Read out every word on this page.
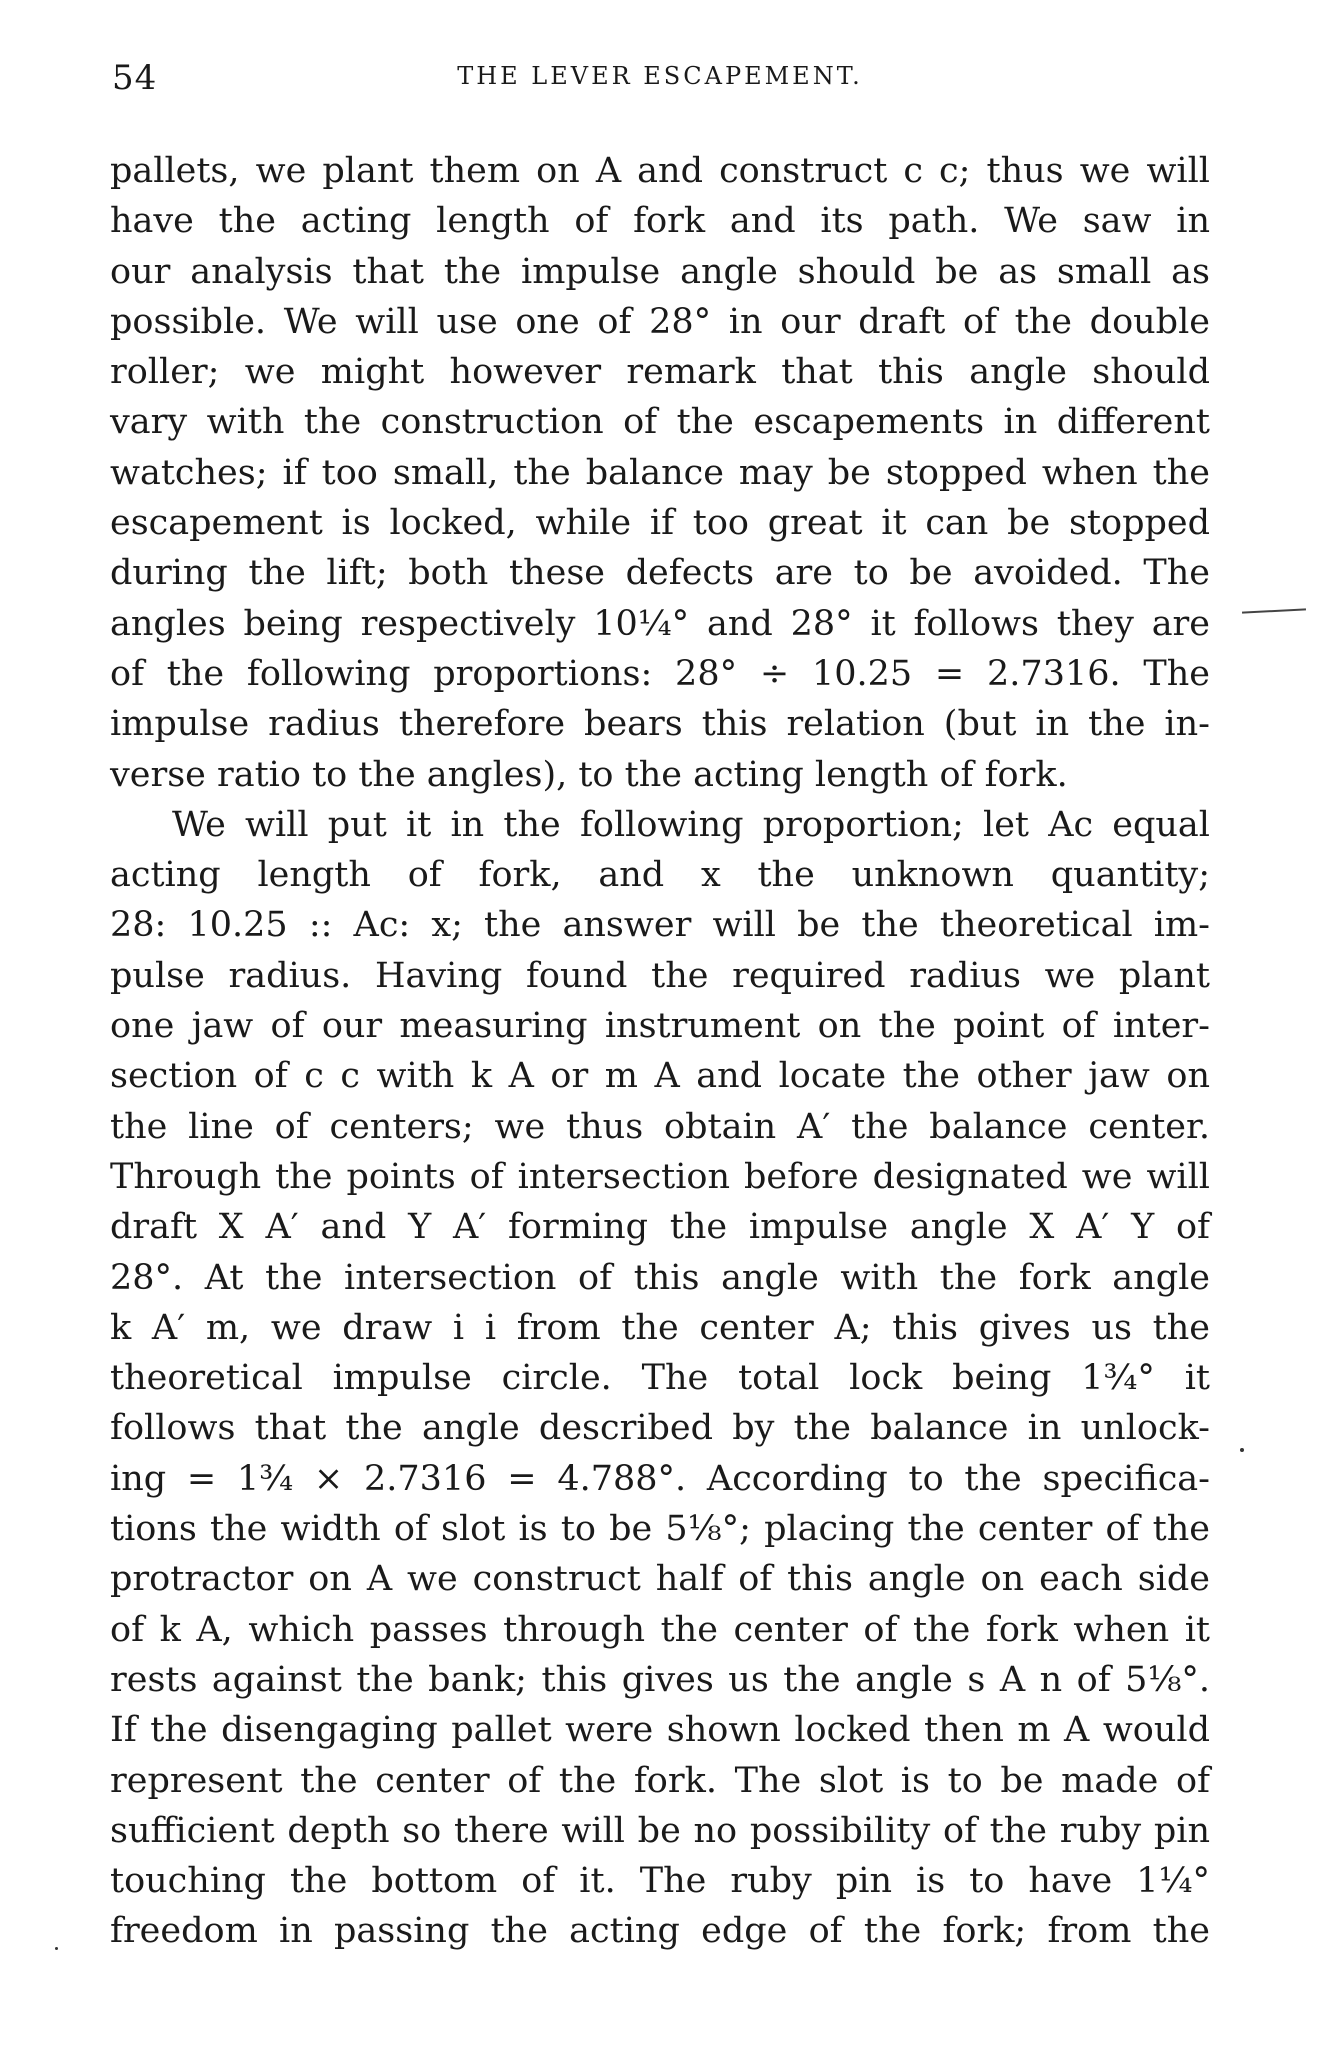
54	THE LEVER ESCAPEMENT.
pallets, we plant them on A and construct c c; thus we will
have the acting length of fork and its path. We saw in
our analysis that the impulse angle should be as small as
possible. We will use one of 28° in our draft of the double
roller; we might however remark that this angle should
vary with the construction of the escapements in different
watches; if too small, the balance may be stopped when the
escapement is locked, while if too great it can be stopped
during the lift; both these defects are to be avoided. The
angles being respectively 10¼° and 28° it follows they are
of the following proportions: 28° ÷ 10.25 = 2.7316. The
impulse radius therefore bears this relation (but in the in-
verse ratio to the angles), to the acting length of fork.
We will put it in the following proportion; let Ac equal
acting length of fork, and x the unknown quantity;
28: 10.25 :: Ac: x; the answer will be the theoretical im-
pulse radius. Having found the required radius we plant
one jaw of our measuring instrument on the point of inter-
section of c c with k A or m A and locate the other jaw on
the line of centers; we thus obtain A′ the balance center.
Through the points of intersection before designated we will
draft X A′ and Y A′ forming the impulse angle X A′ Y of
28°. At the intersection of this angle with the fork angle
k A′ m, we draw i i from the center A; this gives us the
theoretical impulse circle. The total lock being 1¾° it
follows that the angle described by the balance in unlock-
ing = 1¾ × 2.7316 = 4.788°. According to the specifica-
tions the width of slot is to be 5⅛°; placing the center of the
protractor on A we construct half of this angle on each side
of k A, which passes through the center of the fork when it
rests against the bank; this gives us the angle s A n of 5⅛°.
If the disengaging pallet were shown locked then m A would
represent the center of the fork. The slot is to be made of
sufficient depth so there will be no possibility of the ruby pin
touching the bottom of it. The ruby pin is to have 1¼°
freedom in passing the acting edge of the fork; from the
